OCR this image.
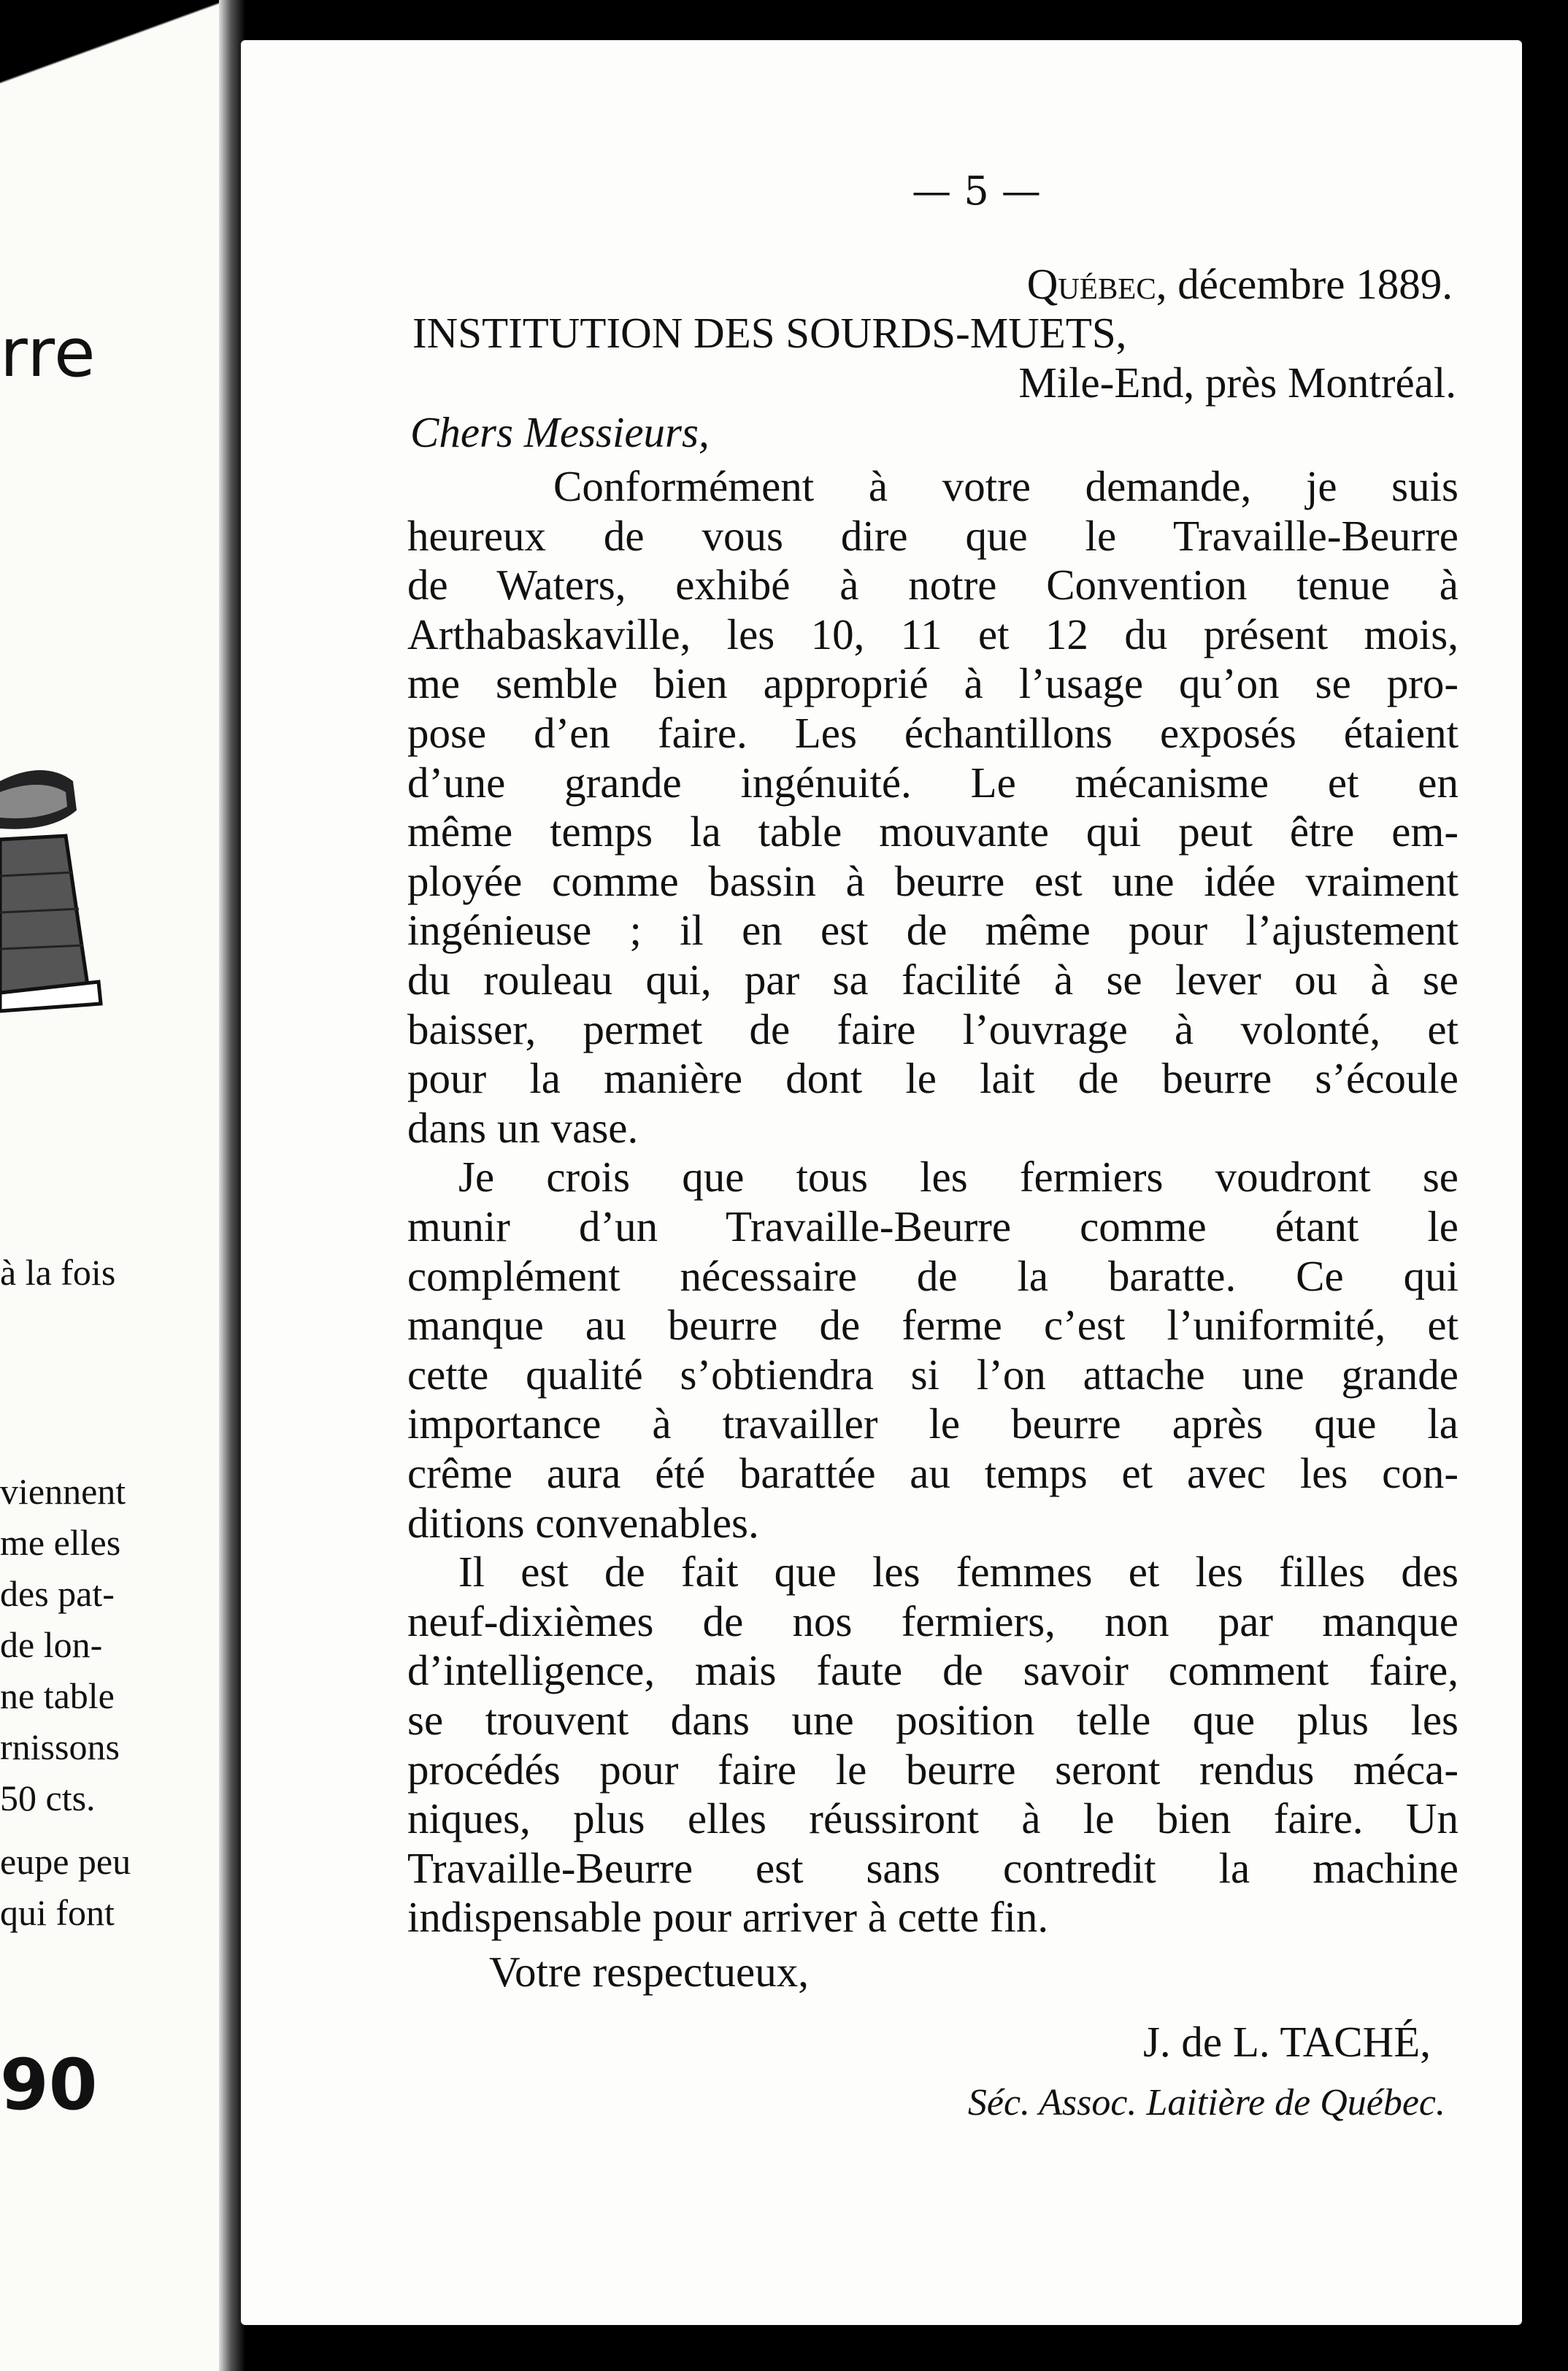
rre
à la fois
viennent
me elles
des pat-
de lon-
ne table
rnissons
50 cts.
eupe peu
qui font
90
— 5 —
Québec, décembre 1889.
INSTITUTION DES SOURDS-MUETS,
Mile-End, près Montréal.
Chers Messieurs,
Conformément à votre demande, je suis
heureux de vous dire que le Travaille-Beurre
de Waters, exhibé à notre Convention tenue à
Arthabaskaville, les 10, 11 et 12 du présent mois,
me semble bien approprié à l’usage qu’on se pro-
pose d’en faire. Les échantillons exposés étaient
d’une grande ingénuité. Le mécanisme et en
même temps la table mouvante qui peut être em-
ployée comme bassin à beurre est une idée vraiment
ingénieuse ; il en est de même pour l’ajustement
du rouleau qui, par sa facilité à se lever ou à se
baisser, permet de faire l’ouvrage à volonté, et
pour la manière dont le lait de beurre s’écoule
dans un vase.
Je crois que tous les fermiers voudront se
munir d’un Travaille-Beurre comme étant le
complément nécessaire de la baratte. Ce qui
manque au beurre de ferme c’est l’uniformité, et
cette qualité s’obtiendra si l’on attache une grande
importance à travailler le beurre après que la
crême aura été barattée au temps et avec les con-
ditions convenables.
Il est de fait que les femmes et les filles des
neuf-dixièmes de nos fermiers, non par manque
d’intelligence, mais faute de savoir comment faire,
se trouvent dans une position telle que plus les
procédés pour faire le beurre seront rendus méca-
niques, plus elles réussiront à le bien faire. Un
Travaille-Beurre est sans contredit la machine
indispensable pour arriver à cette fin.
Votre respectueux,
J. de L. TACHÉ,
Séc. Assoc. Laitière de Québec.
